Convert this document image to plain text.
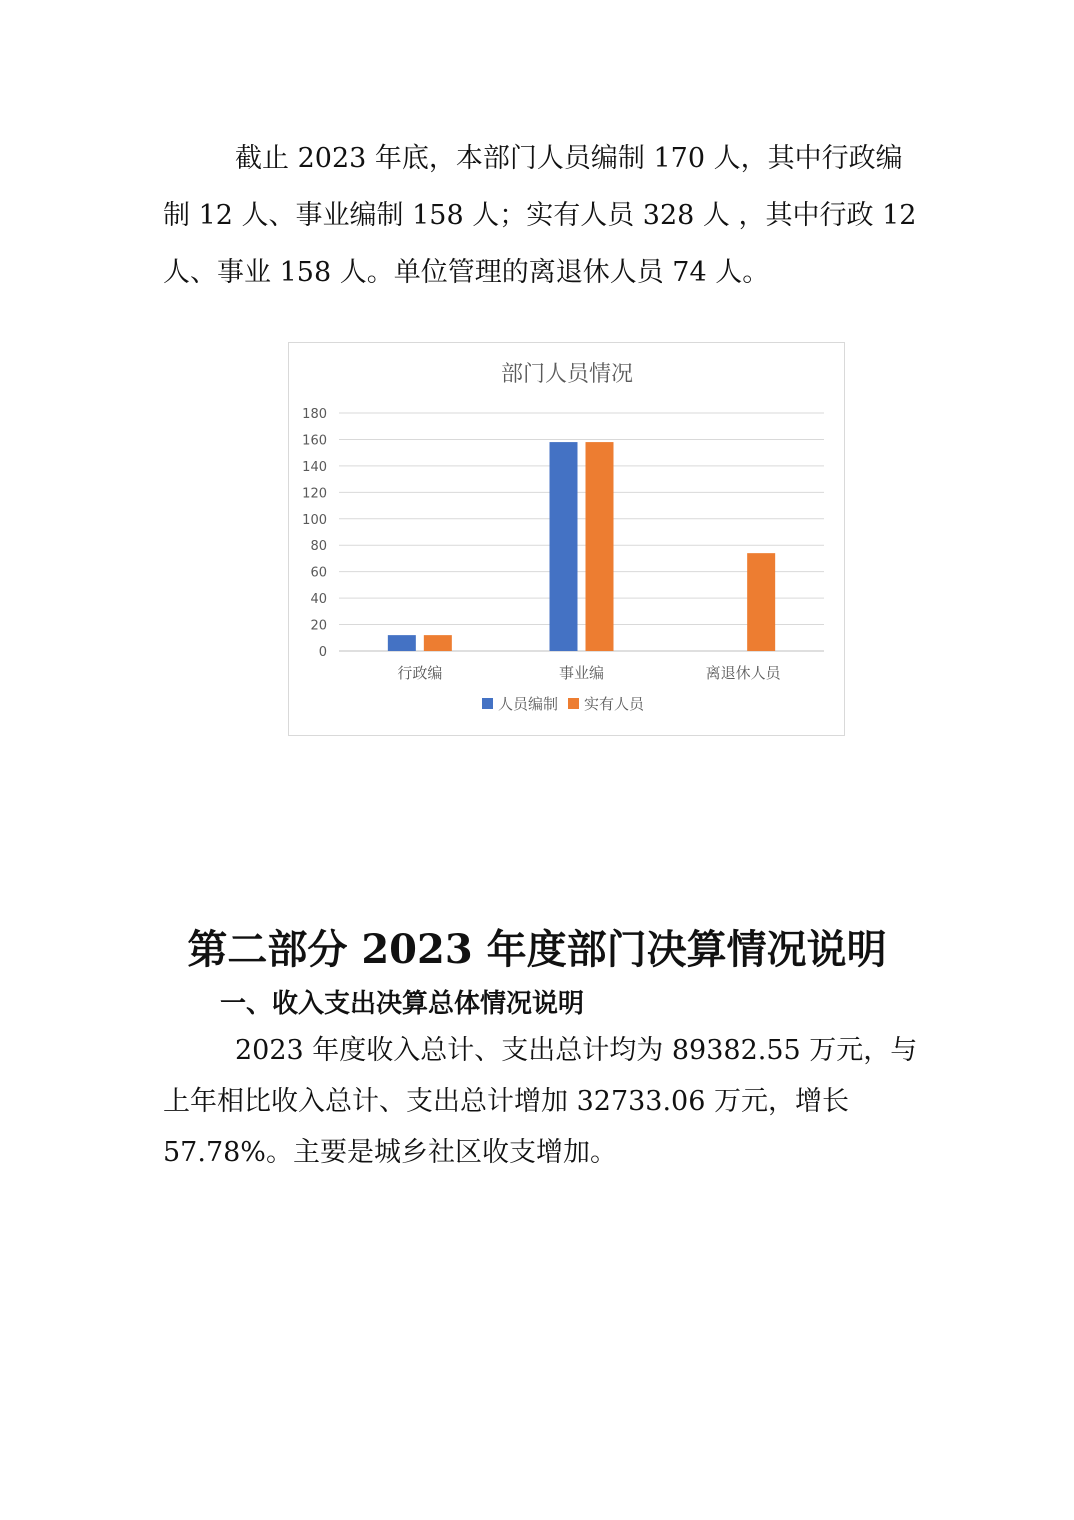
截止 2023 年底，本部门人员编制 170 人，其中行政编
制 12 人、事业编制 158 人；实有人员 328 人 ，其中行政 12
人、事业 158 人。单位管理的离退休人员 74 人。
部门人员情况
0
20
40
60
80
100
120
140
160
180
行政编	事业编	离退休人员
人员编制 实有人员
第二部分 2023 年度部门决算情况说明
一、收入支出决算总体情况说明
2023 年度收入总计、支出总计均为 89382.55 万元，与
上年相比收入总计、支出总计增加 32733.06 万元，增长
57.78%。主要是城乡社区收支增加。
